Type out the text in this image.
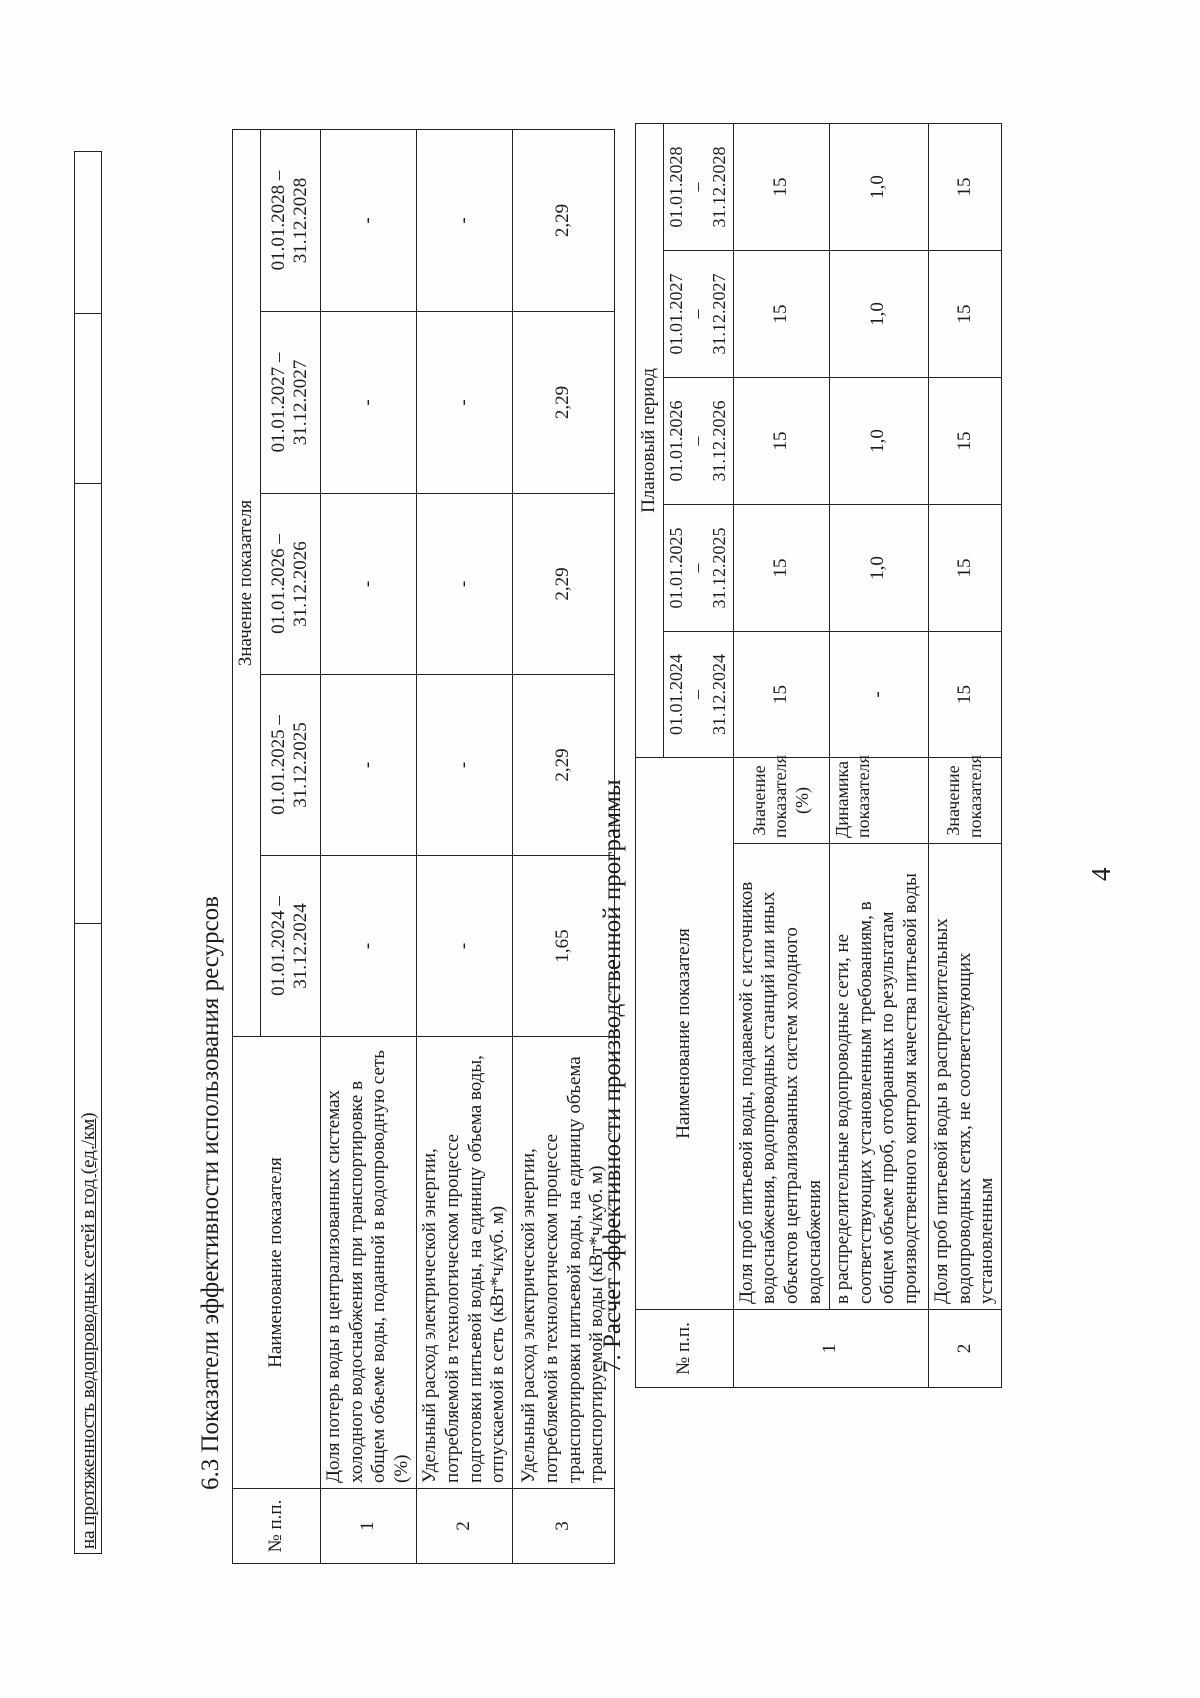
4
на протяженность водопроводных сетей в год (ед./км)				6.3 Показатели эффективности использования ресурсов
№ п.п.	Наименование показателя	Значение показателя				
		01.01.2024 – 31.12.2024	01.01.2025 – 31.12.2025	01.01.2026 – 31.12.2026	01.01.2027 – 31.12.2027	01.01.2028 – 31.12.2028
1	Доля потерь воды в централизованных системах холодного водоснабжения при транспортировке в общем объеме воды, поданной в водопроводную сеть (%)	-	-	-	-	-
2	Удельный расход электрической энергии, потребляемой в технологическом процессе подготовки питьевой воды, на единицу объема воды, отпускаемой в сеть (кВт*ч/куб. м)	-	-	-	-	-
3	Удельный расход электрической энергии, потребляемой в технологическом процессе транспортировки питьевой воды, на единицу объема транспортируемой воды (кВт*ч/куб. м)	1,65	2,29	2,29	2,29	2,29
7. Расчет эффективности производственной программы № п.п.	Наименование показателя		Плановый период				
			01.01.2024
–
31.12.2024	01.01.2025
–
31.12.2025	01.01.2026
–
31.12.2026	01.01.2027
–
31.12.2027	01.01.2028
–
31.12.2028
1	Доля проб питьевой воды, подаваемой с источников водоснабжения, водопроводных станций или иных объектов централизованных систем холодного водоснабжения	Значение показателя (%)	15	15	15	15	15
	в распределительные водопроводные сети, не соответствующих установленным требованиям, в общем объеме проб, отобранных по результатам производственного контроля качества питьевой воды	Динамика показателя	-	1,0	1,0	1,0	1,0
2	Доля проб питьевой воды в распределительных водопроводных сетях, не соответствующих установленным	Значение показателя	15	15	15	15	15
